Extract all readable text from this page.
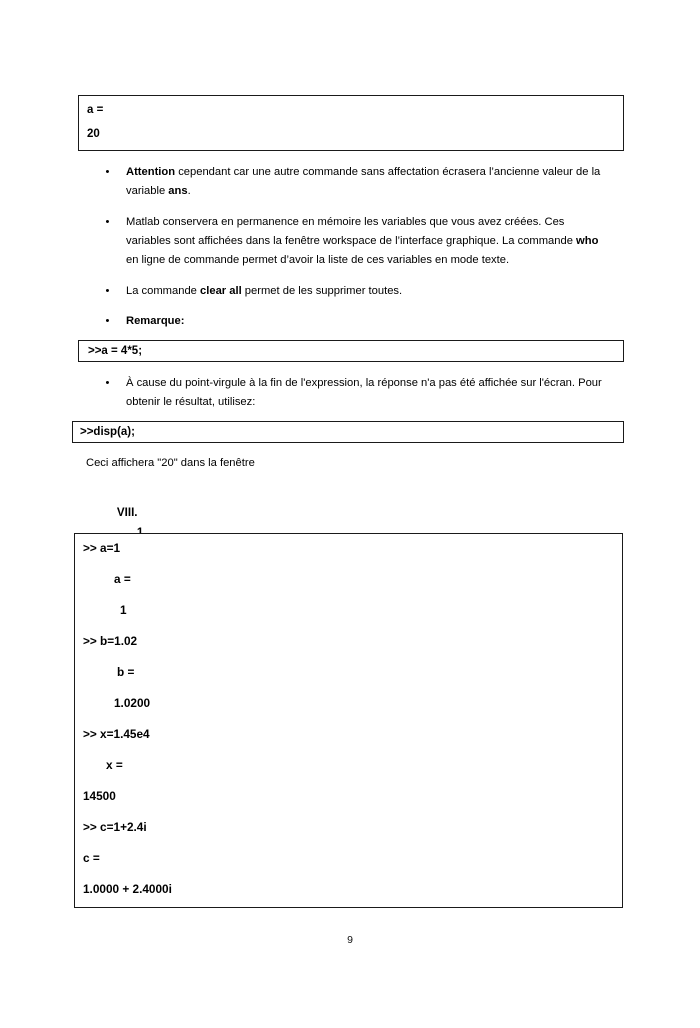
a =
20
• Attention cependant car une autre commande sans affectation écrasera l’ancienne valeur de la variable ans.
• Matlab conservera en permanence en mémoire les variables que vous avez créées. Ces variables sont affichées dans la fenêtre workspace de l’interface graphique. La commande who en ligne de commande permet d’avoir la liste de ces variables en mode texte.
• La commande clear all permet de les supprimer toutes.
• Remarque:
>>a = 4*5;
• À cause du point-virgule à la fin de l'expression, la réponse n'a pas été affichée sur l'écran. Pour obtenir le résultat, utilisez:
>>disp(a);
Ceci affichera "20" dans la fenêtre

VIII.

>> a=1
a =
1
>> b=1.02
b =
1.0200
>> x=1.45e4
x =
14500
>> c=1+2.4i
c =
1.0000 + 2.4000i
9
